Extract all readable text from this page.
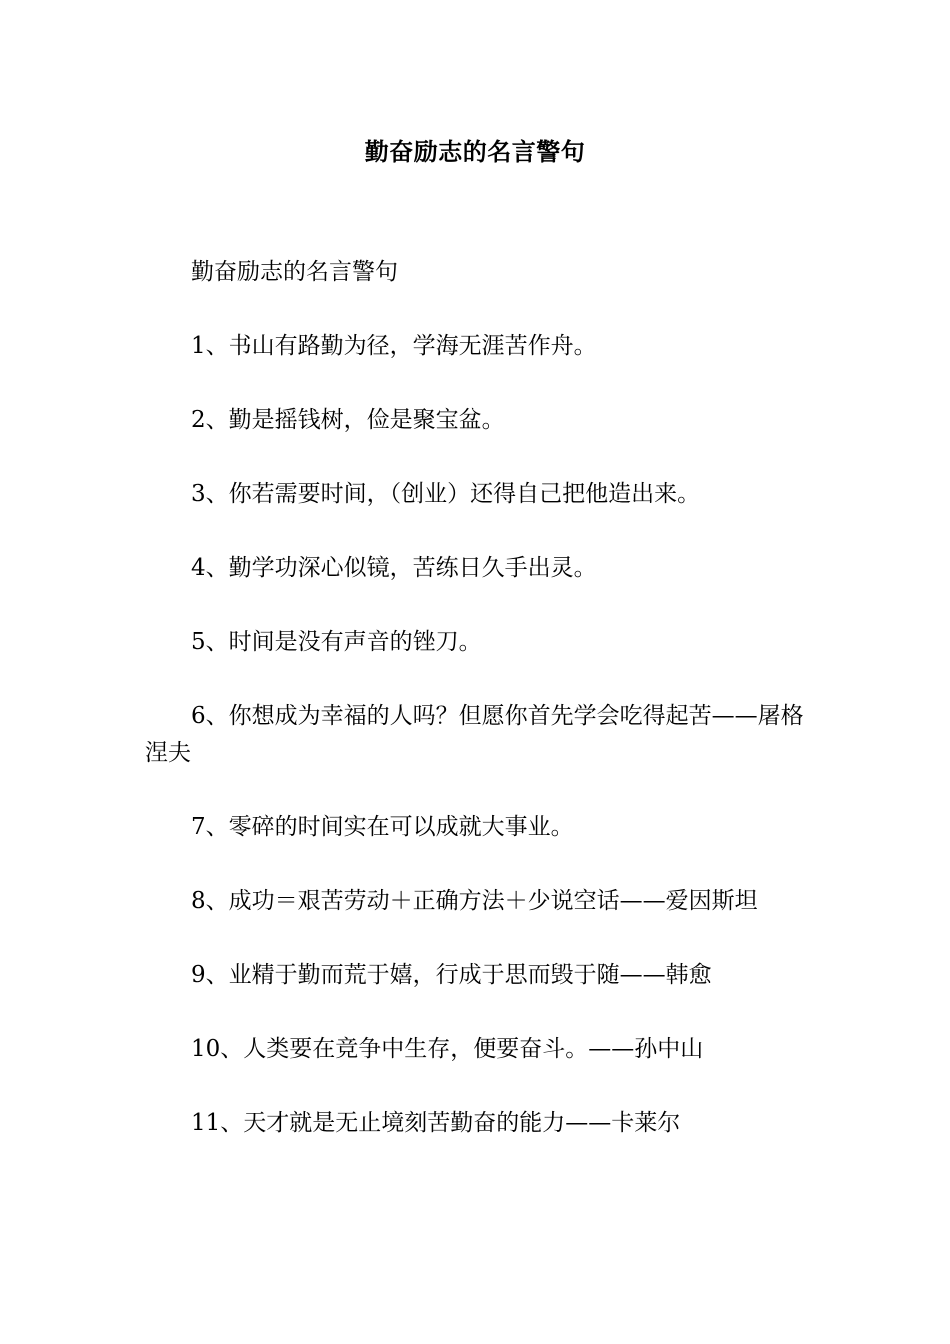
勤奋励志的名言警句

勤奋励志的名言警句

1、书山有路勤为径，学海无涯苦作舟。

2、勤是摇钱树，俭是聚宝盆。

3、你若需要时间，（创业）还得自己把他造出来。

4、勤学功深心似镜，苦练日久手出灵。

5、时间是没有声音的锉刀。

6、你想成为幸福的人吗？但愿你首先学会吃得起苦——屠格涅夫

7、零碎的时间实在可以成就大事业。

8、成功＝艰苦劳动＋正确方法＋少说空话——爱因斯坦

9、业精于勤而荒于嬉，行成于思而毁于随——韩愈

10、人类要在竞争中生存，便要奋斗。——孙中山

11、天才就是无止境刻苦勤奋的能力——卡莱尔
